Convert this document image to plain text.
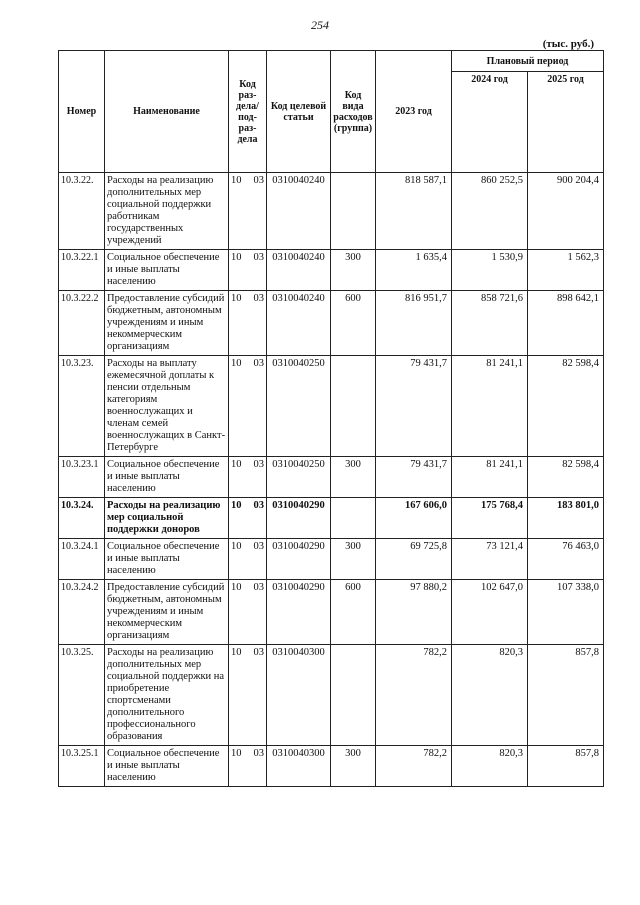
254
(тыс. руб.)
Номер	Наименование	Код раз-дела/ под-раз-дела	Код целевой статьи	Код вида расходов (группа)	2023 год	Плановый период	
						2024 год	2025 год
10.3.22.	Расходы на реализацию дополнительных мер социальной поддержки работникам государственных учреждений	10 03	0310040240		818 587,1	860 252,5	900 204,4
10.3.22.1	Социальное обеспечение и иные выплаты населению	10 03	0310040240	300	1 635,4	1 530,9	1 562,3
10.3.22.2	Предоставление субсидий бюджетным, автономным учреждениям и иным некоммерческим организациям	10 03	0310040240	600	816 951,7	858 721,6	898 642,1
10.3.23.	Расходы на выплату ежемесячной доплаты к пенсии отдельным категориям военнослужащих и членам семей военнослужащих в Санкт-Петербурге	10 03	0310040250		79 431,7	81 241,1	82 598,4
10.3.23.1	Социальное обеспечение и иные выплаты населению	10 03	0310040250	300	79 431,7	81 241,1	82 598,4
10.3.24.	Расходы на реализацию мер социальной поддержки доноров	10 03	0310040290		167 606,0	175 768,4	183 801,0
10.3.24.1	Социальное обеспечение и иные выплаты населению	10 03	0310040290	300	69 725,8	73 121,4	76 463,0
10.3.24.2	Предоставление субсидий бюджетным, автономным учреждениям и иным некоммерческим организациям	10 03	0310040290	600	97 880,2	102 647,0	107 338,0
10.3.25.	Расходы на реализацию дополнительных мер социальной поддержки на приобретение спортсменами дополнительного профессионального образования	10 03	0310040300		782,2	820,3	857,8
10.3.25.1	Социальное обеспечение и иные выплаты населению	10 03	0310040300	300	782,2	820,3	857,8
